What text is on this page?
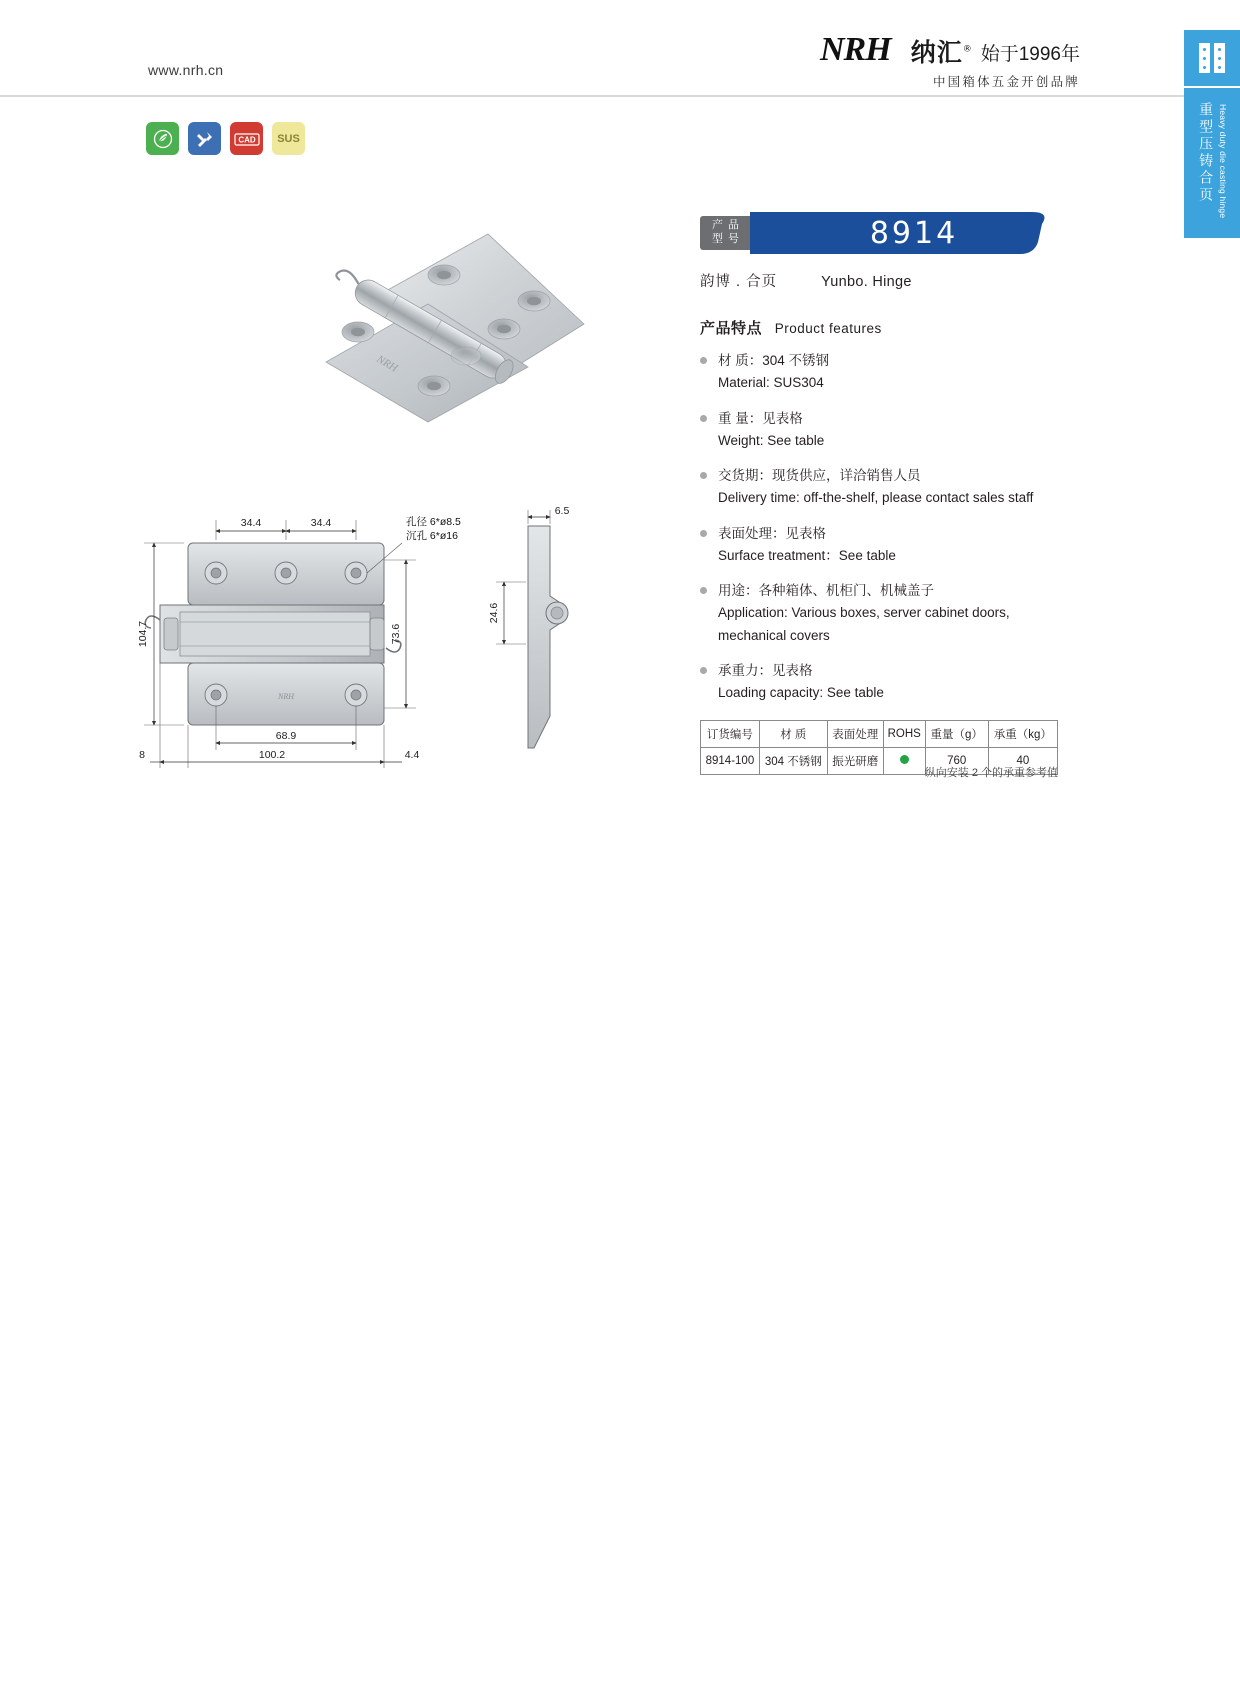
www.nrh.cn
NRH 纳汇® 始于1996年
中国箱体五金开创品牌
重型压铸合页 Heavy duty die casting hinge
CAD	SUS
NRH
NRH
34.4	34.4	孔径 6*ø8.5
沉孔 6*ø16
104.7	73.6
68.9
100.2
8	4.4
6.5
24.6
产 品
型 号	8914
韵博 . 合页	Yunbo. Hinge
产品特点 Product features
材 质：304 不锈钢
Material: SUS304
重 量：见表格
Weight: See table
交货期：现货供应，详洽销售人员
Delivery time: off-the-shelf, please contact sales staff
表面处理：见表格
Surface treatment：See table
用途：各种箱体、机柜门、机械盖子
Application: Various boxes, server cabinet doors, mechanical covers
承重力：见表格
Loading capacity: See table
订货编号	材 质	表面处理	ROHS	重量（g）	承重（kg）
8914-100	304 不锈钢	振光研磨		760	40
纵向安装 2 个的承重参考值
